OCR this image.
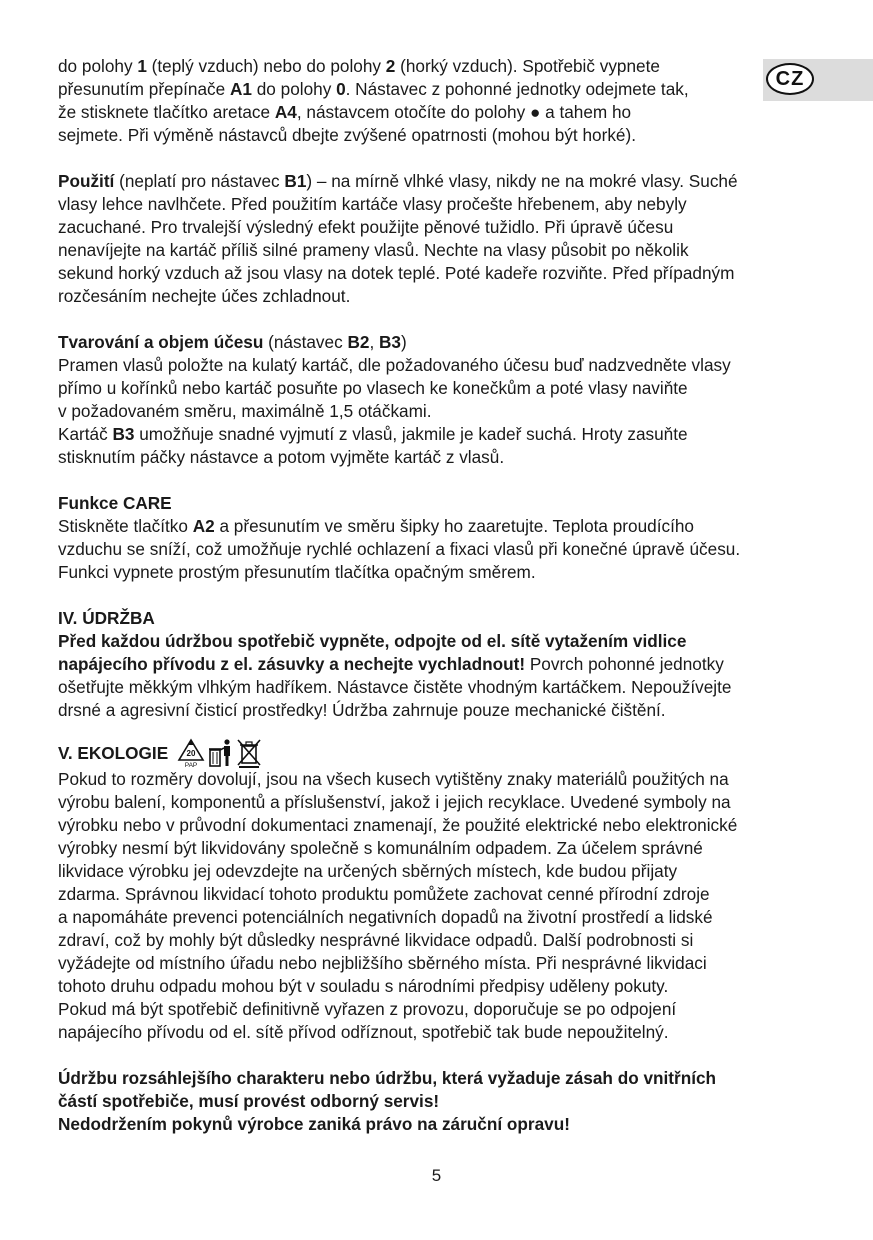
CZ

do polohy 1 (teplý vzduch) nebo do polohy 2 (horký vzduch). Spotřebič vypnete

přesunutím přepínače A1 do polohy 0. Nástavec z pohonné jednotky odejmete tak,

že stisknete tlačítko aretace A4, nástavcem otočíte do polohy ● a tahem ho

sejmete. Při výměně nástavců dbejte zvýšené opatrnosti (mohou být horké).

Použití (neplatí pro nástavec B1) – na mírně vlhké vlasy, nikdy ne na mokré vlasy. Suché

vlasy lehce navlhčete. Před použitím kartáče vlasy pročešte hřebenem, aby nebyly

zacuchané. Pro trvalejší výsledný efekt použijte pěnové tužidlo. Při úpravě účesu

nenavíjejte na kartáč příliš silné prameny vlasů. Nechte na vlasy působit po několik

sekund horký vzduch až jsou vlasy na dotek teplé. Poté kadeře rozviňte. Před případným

rozčesáním nechejte účes zchladnout.

Tvarování a objem účesu (nástavec B2, B3)

Pramen vlasů položte na kulatý kartáč, dle požadovaného účesu buď nadzvedněte vlasy

přímo u kořínků nebo kartáč posuňte po vlasech ke konečkům a poté vlasy naviňte

v požadovaném směru, maximálně 1,5 otáčkami.

Kartáč B3 umožňuje snadné vyjmutí z vlasů, jakmile je kadeř suchá. Hroty zasuňte

stisknutím páčky nástavce a potom vyjměte kartáč z vlasů.

Funkce CARE

Stiskněte tlačítko A2 a přesunutím ve směru šipky ho zaaretujte. Teplota proudícího

vzduchu se sníží, což umožňuje rychlé ochlazení a fixaci vlasů při konečné úpravě účesu.

Funkci vypnete prostým přesunutím tlačítka opačným směrem.

IV. ÚDRŽBA

Před každou údržbou spotřebič vypněte, odpojte od el. sítě vytažením vidlice

napájecího přívodu z el. zásuvky a nechejte vychladnout! Povrch pohonné jednotky

ošetřujte měkkým vlhkým hadříkem. Nástavce čistěte vhodným kartáčkem. Nepoužívejte

drsné a agresivní čisticí prostředky! Údržba zahrnuje pouze mechanické čištění.

V. EKOLOGIE 20
PAP

Pokud to rozměry dovolují, jsou na všech kusech vytištěny znaky materiálů použitých na

výrobu balení, komponentů a příslušenství, jakož i jejich recyklace. Uvedené symboly na

výrobku nebo v průvodní dokumentaci znamenají, že použité elektrické nebo elektronické

výrobky nesmí být likvidovány společně s komunálním odpadem. Za účelem správné

likvidace výrobku jej odevzdejte na určených sběrných místech, kde budou přijaty

zdarma. Správnou likvidací tohoto produktu pomůžete zachovat cenné přírodní zdroje

a napomáháte prevenci potenciálních negativních dopadů na životní prostředí a lidské

zdraví, což by mohly být důsledky nesprávné likvidace odpadů. Další podrobnosti si

vyžádejte od místního úřadu nebo nejbližšího sběrného místa. Při nesprávné likvidaci

tohoto druhu odpadu mohou být v souladu s národními předpisy uděleny pokuty.

Pokud má být spotřebič definitivně vyřazen z provozu, doporučuje se po odpojení

napájecího přívodu od el. sítě přívod odříznout, spotřebič tak bude nepoužitelný.

Údržbu rozsáhlejšího charakteru nebo údržbu, která vyžaduje zásah do vnitřních

částí spotřebiče, musí provést odborný servis!

Nedodržením pokynů výrobce zaniká právo na záruční opravu!

5
